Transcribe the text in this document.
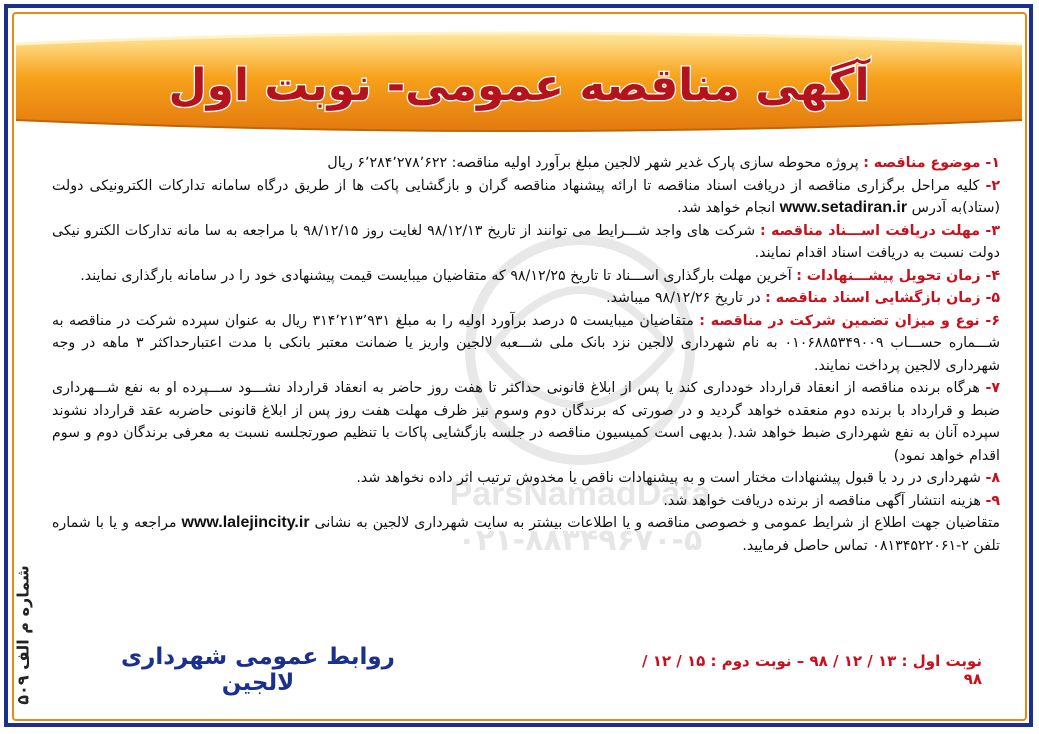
آگهی مناقصه عمومی- نوبت اول
ParsNamadData
۰۲۱-۸۸۳۴۹۶۷۰-۵

۱- موضوع مناقصه : پروژه محوطه سازی پارک غدیر شهر لالجین مبلغ برآورد اولیه مناقصه: ۶٬۲۸۴٬۲۷۸٬۶۲۲ ریال

۲- کلیه مراحل برگزاری مناقصه از دریافت اسناد مناقصه تا ارائه پیشنهاد مناقصه گران و بازگشایی پاکت ها از طریق درگاه سامانه تدارکات الکترونیکی دولت (ستاد)به آدرس www.setadiran.ir انجام خواهد شد.

۳- مهلت دریافت اســـناد مناقصه : شرکت های واجد شـــرایط می توانند از تاریخ ۹۸/۱۲/۱۳ لغایت روز ۹۸/۱۲/۱۵ با مراجعه به سا مانه تدارکات الکترو نیکی دولت نسبت به دریافت اسناد اقدام نمایند.

۴- زمان تحویل پیشـــنهادات : آخرین مهلت بارگذاری اســـناد تا تاریخ ۹۸/۱۲/۲۵ که متقاضیان میبایست قیمت پیشنهادی خود را در سامانه بارگذاری نمایند.

۵- زمان بازگشایی اسناد مناقصه : در تاریخ ۹۸/۱۲/۲۶ میباشد.

۶- نوع و میزان تضمین شرکت در مناقصه : متقاضیان میبایست ۵ درصد برآورد اولیه را به مبلغ ۳۱۴٬۲۱۳٬۹۳۱ ریال به عنوان سپرده شرکت در مناقصه به شـــماره حســـاب ۰۱۰۶۸۸۵۳۴۹۰۰۹ به نام شهرداری لالجین نزد بانک ملی شـــعبه لالجین واریز یا ضمانت معتبر بانکی با مدت اعتبارحداکثر ۳ ماهه در وجه شهرداری لالجین پرداخت نمایند.

۷- هرگاه برنده مناقصه از انعقاد قرارداد خودداری کند یا پس از ابلاغ قانونی حداکثر تا هفت روز حاضر به انعقاد قرارداد نشـــود ســـپرده او به نفع شـــهرداری ضبط و قرارداد با برنده دوم منعقده خواهد گردید و در صورتی که برندگان دوم وسوم نیز ظرف مهلت هفت روز پس از ابلاغ قانونی حاضربه عقد قرارداد نشوند سپرده آنان به نفع شهرداری ضبط خواهد شد.( بدیهی است کمیسیون مناقصه در جلسه بازگشایی پاکات با تنظیم صورتجلسه نسبت به معرفی برندگان دوم و سوم اقدام خواهد نمود)

۸- شهرداری در رد یا قبول پیشنهادات مختار است و به پیشنهادات ناقص یا مخدوش ترتیب اثر داده نخواهد شد.

۹- هزینه انتشار آگهی مناقصه از برنده دریافت خواهد شد.

متقاضیان جهت اطلاع از شرایط عمومی و خصوصی مناقصه و یا اطلاعات بیشتر به سایت شهرداری لالجین به نشانی www.lalejincity.ir مراجعه و یا با شماره تلفن ۲-۰۸۱۳۴۵۲۲۰۶۱ تماس حاصل فرمایید.

شماره م الف ۵۰۹	نوبت اول : ۱۳ / ۱۲ / ۹۸ – نوبت دوم : ۱۵ / ۱۲ / ۹۸
روابط عمومی شهرداری لالجین
